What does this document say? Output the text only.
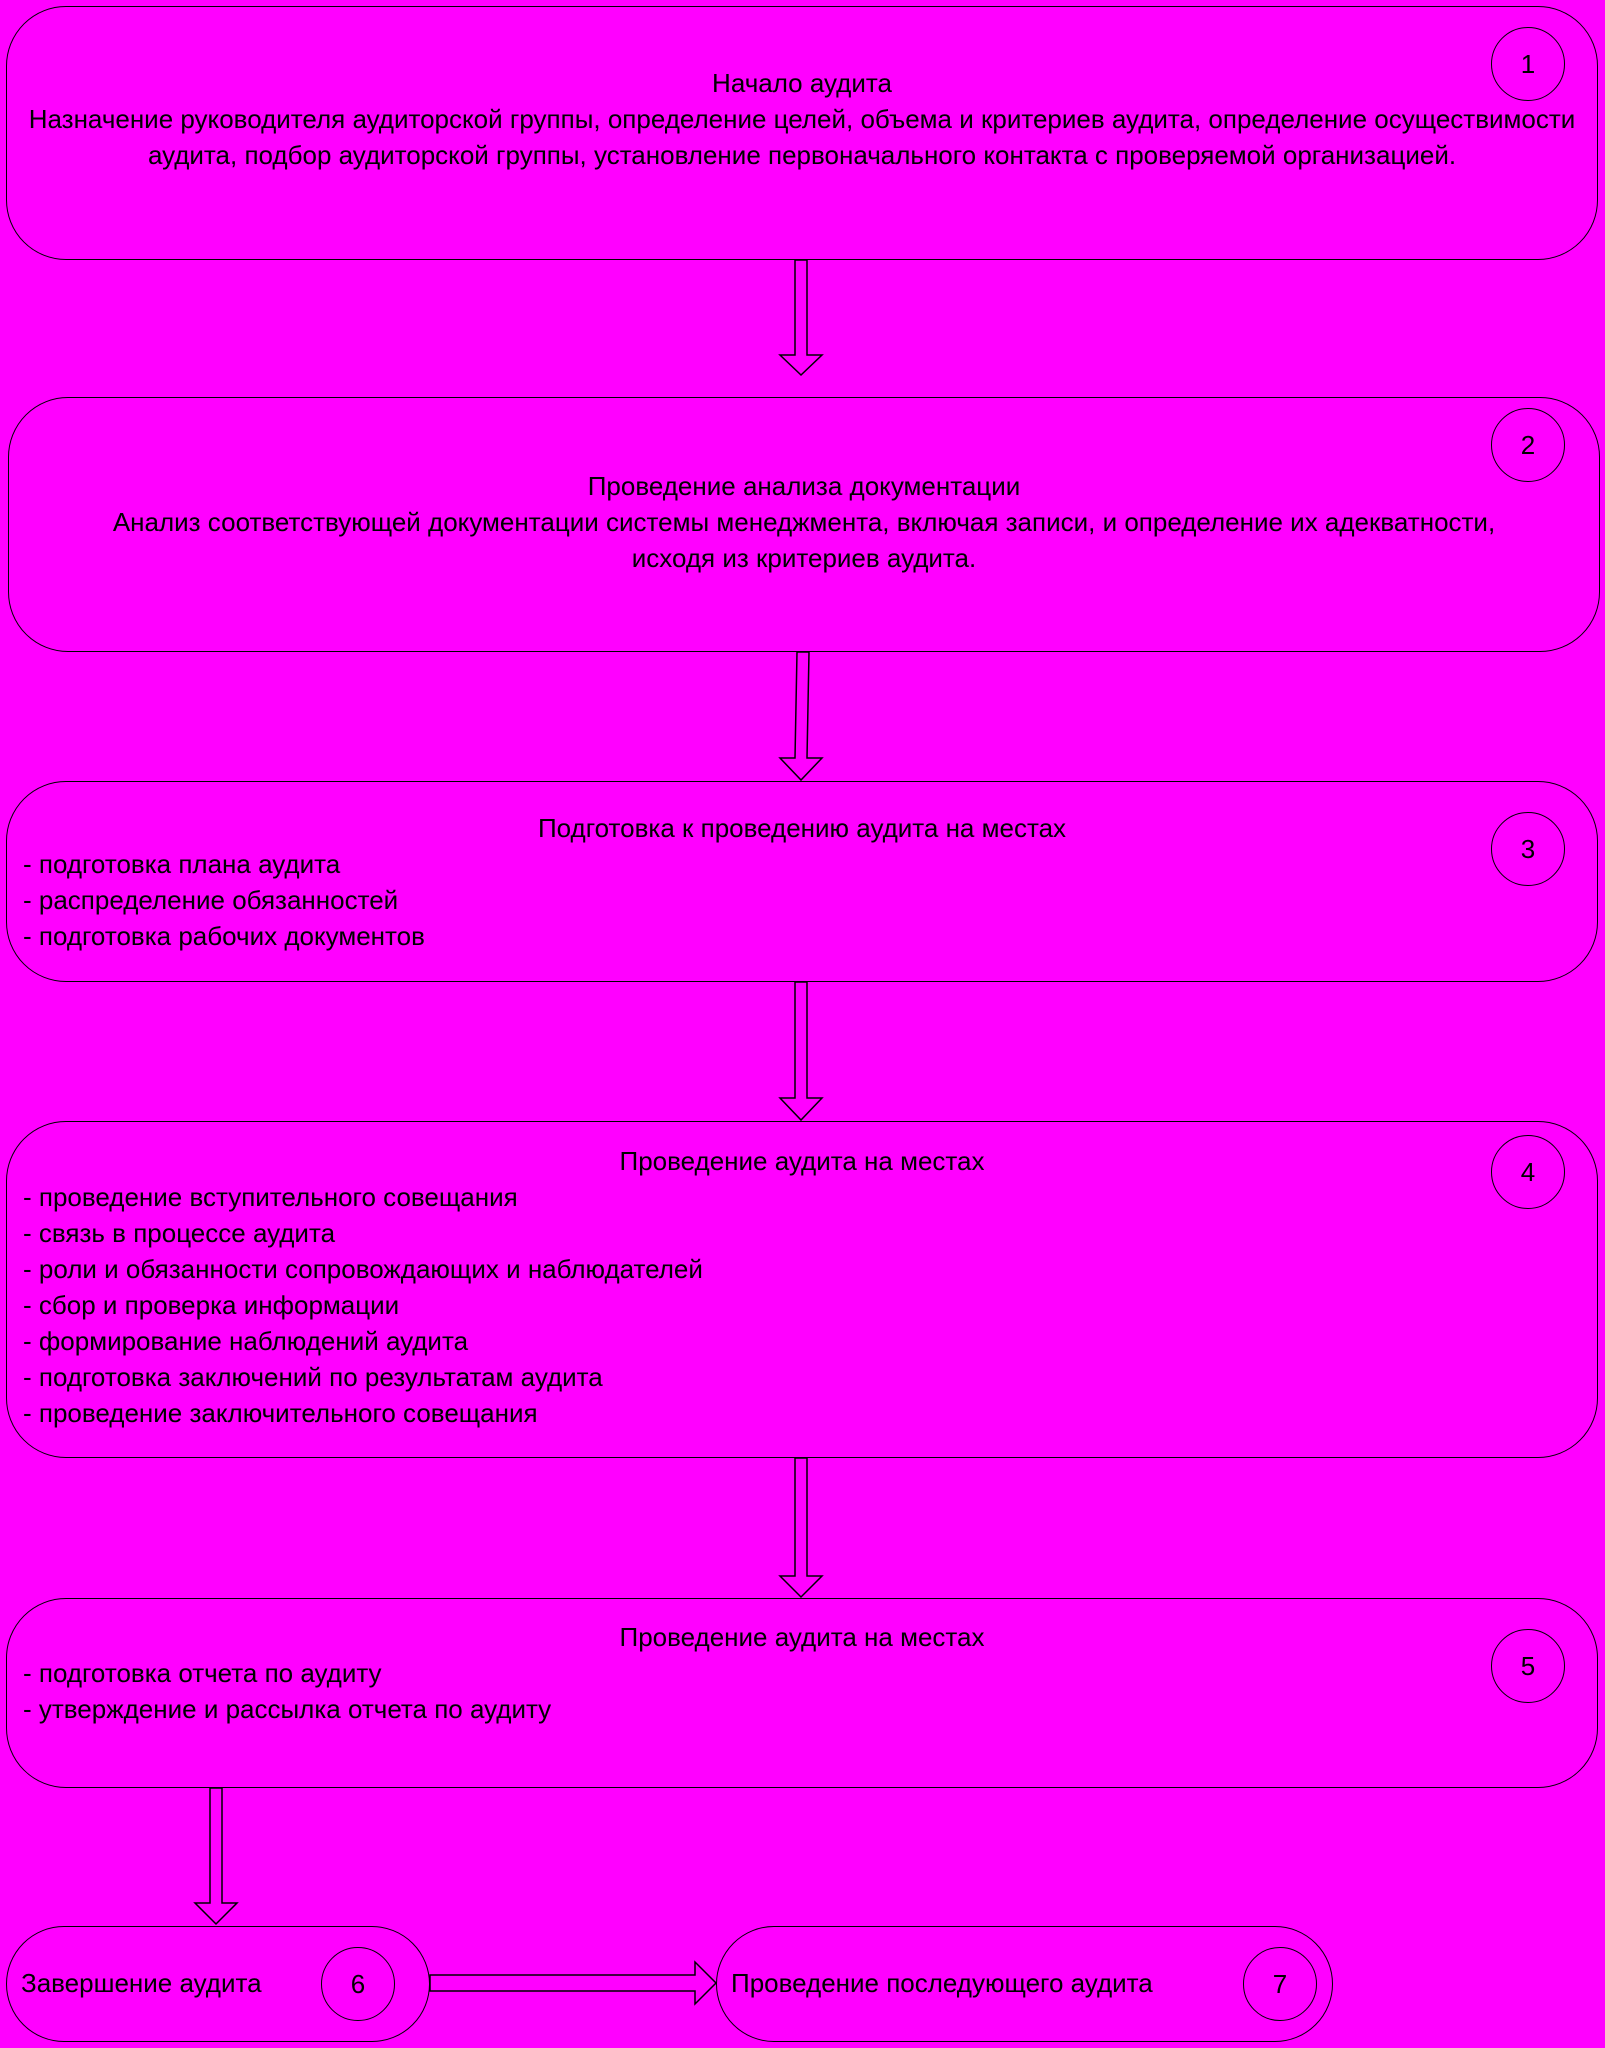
1
Начало аудита
Назначение руководителя аудиторской группы, определение целей, объема и критериев аудита, определение осуществимости аудита, подбор аудиторской группы, установление первоначального контакта с проверяемой организацией.
2
Проведение анализа документации
Анализ соответствующей документации системы менеджмента, включая записи, и определение их адекватности, исходя из критериев аудита.
3
Подготовка к проведению аудита на местах
- подготовка плана аудита
- распределение обязанностей
- подготовка рабочих документов
4
Проведение аудита на местах
- проведение вступительного совещания
- связь в процессе аудита
- роли и обязанности сопровождающих и наблюдателей
- сбор и проверка информации
- формирование наблюдений аудита
- подготовка заключений по результатам аудита
- проведение заключительного совещания
5
Проведение аудита на местах
- подготовка отчета по аудиту
- утверждение и рассылка отчета по аудиту
Завершение аудита	6	Проведение последующего аудита	7
